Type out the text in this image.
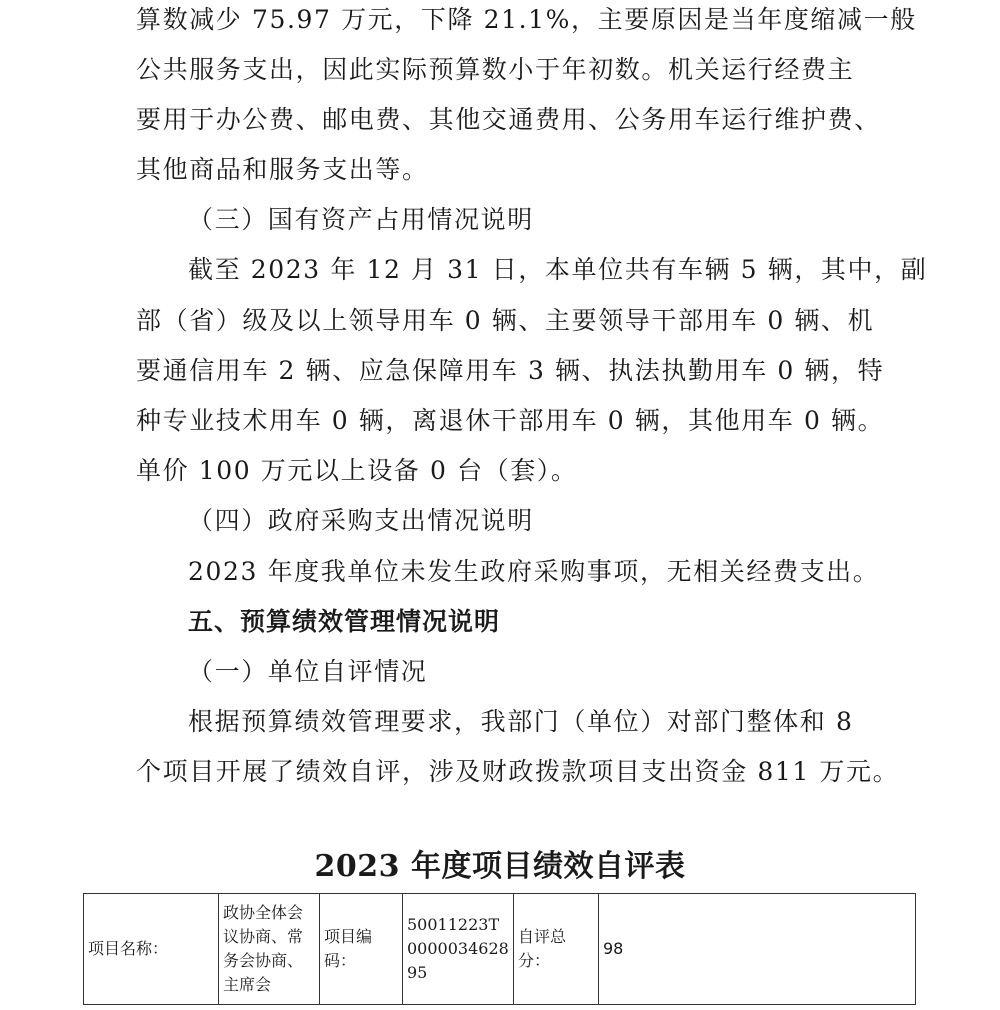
算数减少 75.97 万元，下降 21.1%，主要原因是当年度缩减一般
公共服务支出，因此实际预算数小于年初数。机关运行经费主
要用于办公费、邮电费、其他交通费用、公务用车运行维护费、
其他商品和服务支出等。
（三）国有资产占用情况说明
截至 2023 年 12 月 31 日，本单位共有车辆 5 辆，其中，副
部（省）级及以上领导用车 0 辆、主要领导干部用车 0 辆、机
要通信用车 2 辆、应急保障用车 3 辆、执法执勤用车 0 辆，特
种专业技术用车 0 辆，离退休干部用车 0 辆，其他用车 0 辆。
单价 100 万元以上设备 0 台（套）。
（四）政府采购支出情况说明
2023 年度我单位未发生政府采购事项，无相关经费支出。
五、预算绩效管理情况说明
（一）单位自评情况
根据预算绩效管理要求，我部门（单位）对部门整体和 8
个项目开展了绩效自评，涉及财政拨款项目支出资金 811 万元。
2023 年度项目绩效自评表
项目名称：	政协全体会议协商、常务会协商、主席会	项目编码：	50011223T000003462895	自评总分：	98
